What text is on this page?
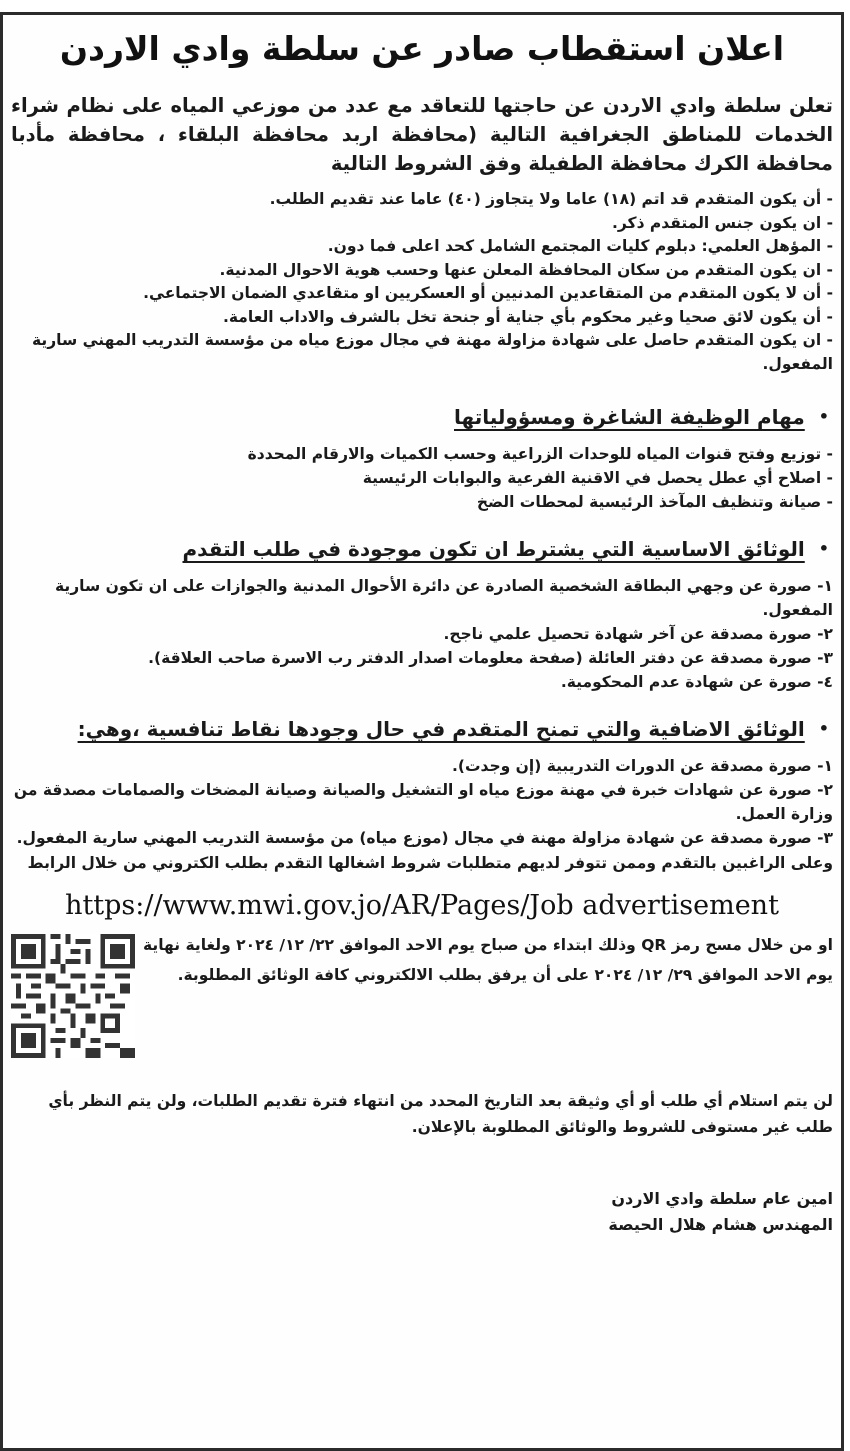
اعلان استقطاب صادر عن سلطة وادي الاردن

تعلن سلطة وادي الاردن عن حاجتها للتعاقد مع عدد من موزعي المياه على نظام شراء الخدمات للمناطق الجغرافية التالية (محافظة اربد محافظة البلقاء ، محافظة مأدبا محافظة الكرك محافظة الطفيلة وفق الشروط التالية

- أن يكون المتقدم قد اتم (١٨) عاما ولا يتجاوز (٤٠) عاما عند تقديم الطلب.
- ان يكون جنس المتقدم ذكر.
- المؤهل العلمي: دبلوم كليات المجتمع الشامل كحد اعلى فما دون.
- ان يكون المتقدم من سكان المحافظة المعلن عنها وحسب هوية الاحوال المدنية.
- أن لا يكون المتقدم من المتقاعدين المدنيين أو العسكريين او متقاعدي الضمان الاجتماعي.
- أن يكون لائق صحيا وغير محكوم بأي جناية أو جنحة تخل بالشرف والاداب العامة.
- ان يكون المتقدم حاصل على شهادة مزاولة مهنة في مجال موزع مياه من مؤسسة التدريب المهني سارية المفعول.
•
مهام الوظيفة الشاغرة ومسؤولياتها
- توزيع وفتح قنوات المياه للوحدات الزراعية وحسب الكميات والارقام المحددة
- اصلاح أي عطل يحصل في الاقنية الفرعية والبوابات الرئيسية
- صيانة وتنظيف المآخذ الرئيسية لمحطات الضخ
•
الوثائق الاساسية التي يشترط ان تكون موجودة في طلب التقدم
١- صورة عن وجهي البطاقة الشخصية الصادرة عن دائرة الأحوال المدنية والجوازات على ان تكون سارية المفعول.
٢- صورة مصدقة عن آخر شهادة تحصيل علمي ناجح.
٣- صورة مصدقة عن دفتر العائلة (صفحة معلومات اصدار الدفتر رب الاسرة صاحب العلاقة).
٤- صورة عن شهادة عدم المحكومية.
•
الوثائق الاضافية والتي تمنح المتقدم في حال وجودها نقاط تنافسية ،وهي:
١- صورة مصدقة عن الدورات التدريبية (إن وجدت).
٢- صورة عن شهادات خبرة في مهنة موزع مياه او التشغيل والصيانة وصيانة المضخات والصمامات مصدقة من وزارة العمل.
٣- صورة مصدقة عن شهادة مزاولة مهنة في مجال (موزع مياه) من مؤسسة التدريب المهني سارية المفعول.

وعلى الراغبين بالتقدم وممن تتوفر لديهم متطلبات شروط اشغالها التقدم بطلب الكتروني من خلال الرابط

https://www.mwi.gov.jo/AR/Pages/Job advertisement
او من خلال مسح رمز QR وذلك ابتداء من صباح يوم الاحد الموافق ٢٢/ ١٢/ ٢٠٢٤ ولغاية نهاية يوم الاحد الموافق ٢٩/ ١٢/ ٢٠٢٤ على أن يرفق بطلب الالكتروني كافة الوثائق المطلوبة.

لن يتم استلام أي طلب أو أي وثيقة بعد التاريخ المحدد من انتهاء فترة تقديم الطلبات، ولن يتم النظر بأي طلب غير مستوفى للشروط والوثائق المطلوبة بالإعلان.

امين عام سلطة وادي الاردن
المهندس هشام هلال الحيصة
